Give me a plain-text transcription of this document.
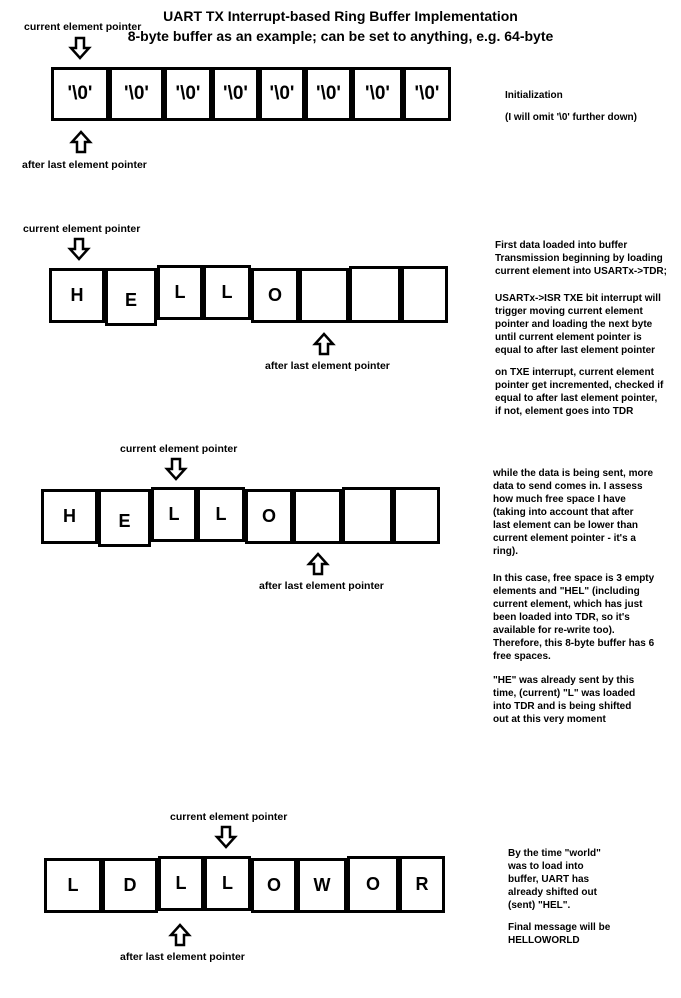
UART TX Interrupt-based Ring Buffer Implementation
8-byte buffer as an example; can be set to anything, e.g. 64-byte
current element pointer
'\0'	'\0'	'\0'	'\0'	'\0'	'\0'	'\0'	'\0'
after last element pointer

Initialization

(I will omit '\0' further down)

current element pointer
H	E	L	L	O
after last element pointer

First data loaded into buffer
Transmission beginning by loading
current element into USARTx->TDR;

USARTx->ISR TXE bit interrupt will
trigger moving current element
pointer and loading the next byte
until current element pointer is
equal to after last element pointer

on TXE interrupt, current element
pointer get incremented, checked if
equal to after last element pointer,
if not, element goes into TDR

current element pointer
H	E	L	L	O
after last element pointer

while the data is being sent, more
data to send comes in. I assess
how much free space I have
(taking into account that after
last element can be lower than
current element pointer - it's a
ring).

In this case, free space is 3 empty
elements and "HEL" (including
current element, which has just
been loaded into TDR, so it's
available for re-write too).
Therefore, this 8-byte buffer has 6
free spaces.

"HE" was already sent by this
time, (current) "L" was loaded
into TDR and is being shifted
out at this very moment

current element pointer
L	D	L	L	O	W	O	R
after last element pointer

By the time "world"
was to load into
buffer, UART has
already shifted out
(sent) "HEL".

Final message will be
HELLOWORLD
